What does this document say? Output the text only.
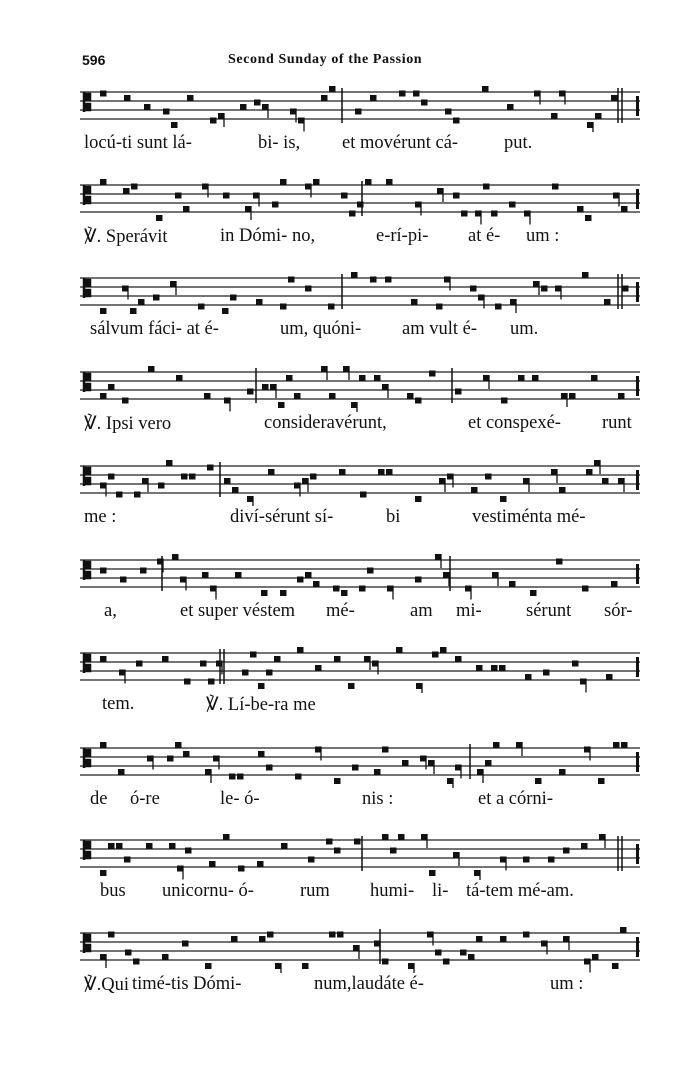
596	Second Sunday of the Passion
locú-ti sunt lá-	bi- is, et movérunt cá- put.
℣. Sperávit	in Dómi- no,	e-rí-pi- at é- um :
sálvum fáci- at é-	um, quóni- am vult é- um.
℣. Ipsi vero	consideravérunt,	et conspexé- runt
me :	diví-sérunt sí-	bi	vestiménta mé-
a,	et super véstem mé-	am mi- sérunt sór-
tem.	℣. Lí-be-ra me
de ó-re	le- ó-	nis :	et a córni-
bus unicornu- ó- rum humi- li- tá-tem mé-am.
℣.Qui timé-tis Dómi-	num,laudáte é-	um :
